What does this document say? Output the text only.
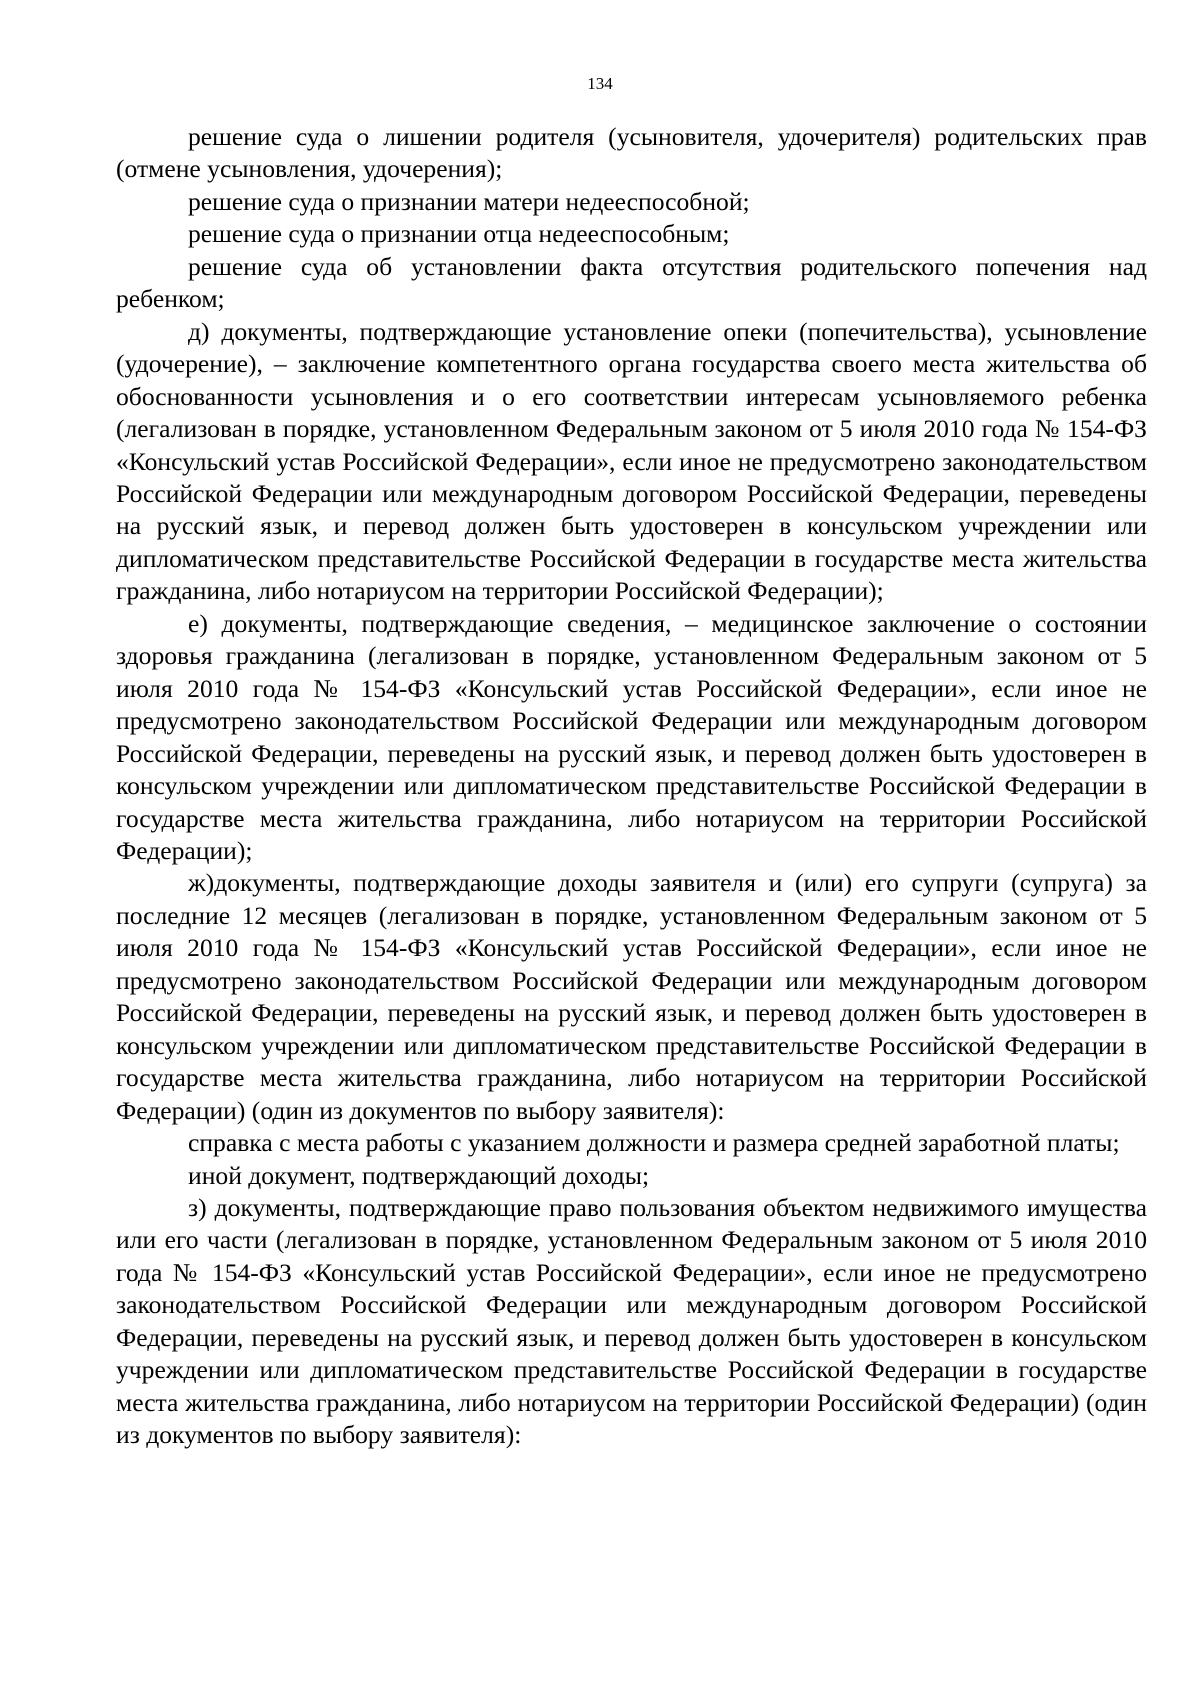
134

решение суда о лишении родителя (усыновителя, удочерителя) родительских прав (отмене усыновления, удочерения);

решение суда о признании матери недееспособной;

решение суда о признании отца недееспособным;

решение суда об установлении факта отсутствия родительского попечения над ребенком;

д) документы, подтверждающие установление опеки (попечительства), усыновление (удочерение), – заключение компетентного органа государства своего места жительства об обоснованности усыновления и о его соответствии интересам усыновляемого ребенка (легализован в порядке, установленном Федеральным законом от 5 июля 2010 года № 154-ФЗ «Консульский устав Российской Федерации», если иное не предусмотрено законодательством Российской Федерации или международным договором Российской Федерации, переведены на русский язык, и перевод должен быть удостоверен в консульском учреждении или дипломатическом представительстве Российской Федерации в государстве места жительства гражданина, либо нотариусом на территории Российской Федерации);

е) документы, подтверждающие сведения, – медицинское заключение о состоянии здоровья гражданина (легализован в порядке, установленном Федеральным законом от 5 июля 2010 года № 154-ФЗ «Консульский устав Российской Федерации», если иное не предусмотрено законодательством Российской Федерации или международным договором Российской Федерации, переведены на русский язык, и перевод должен быть удостоверен в консульском учреждении или дипломатическом представительстве Российской Федерации в государстве места жительства гражданина, либо нотариусом на территории Российской Федерации);

ж)документы, подтверждающие доходы заявителя и (или) его супруги (супруга) за последние 12 месяцев (легализован в порядке, установленном Федеральным законом от 5 июля 2010 года № 154-ФЗ «Консульский устав Российской Федерации», если иное не предусмотрено законодательством Российской Федерации или международным договором Российской Федерации, переведены на русский язык, и перевод должен быть удостоверен в консульском учреждении или дипломатическом представительстве Российской Федерации в государстве места жительства гражданина, либо нотариусом на территории Российской Федерации) (один из документов по выбору заявителя):

справка с места работы с указанием должности и размера средней заработной платы;

иной документ, подтверждающий доходы;

з) документы, подтверждающие право пользования объектом недвижимого имущества или его части (легализован в порядке, установленном Федеральным законом от 5 июля 2010 года № 154-ФЗ «Консульский устав Российской Федерации», если иное не предусмотрено законодательством Российской Федерации или международным договором Российской Федерации, переведены на русский язык, и перевод должен быть удостоверен в консульском учреждении или дипломатическом представительстве Российской Федерации в государстве места жительства гражданина, либо нотариусом на территории Российской Федерации) (один из документов по выбору заявителя):
